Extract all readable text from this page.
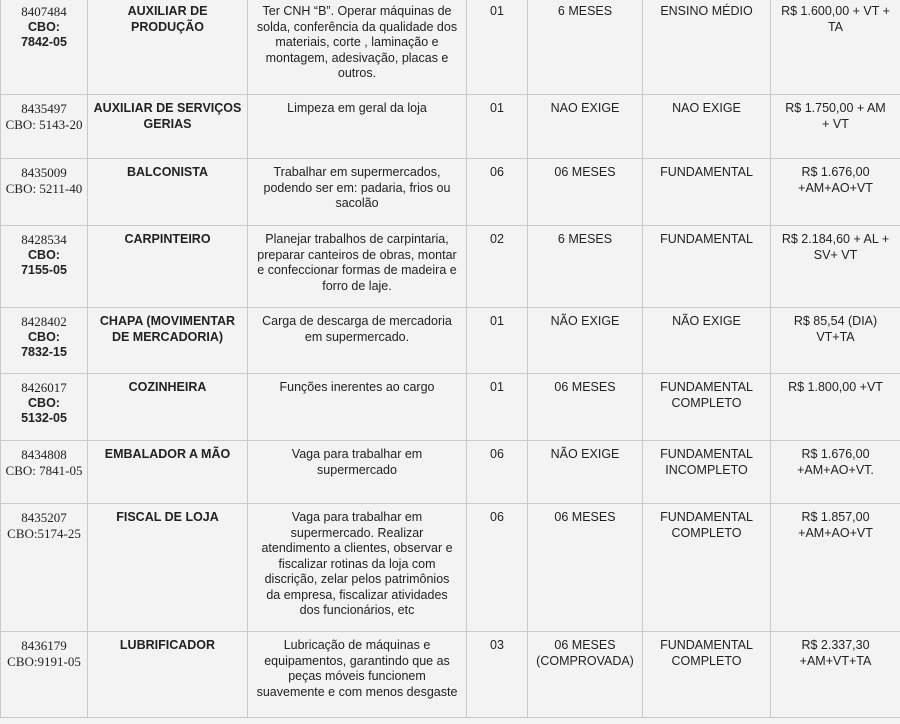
8407484
CBO:
7842-05	AUXILIAR DE PRODUÇÃO	Ter CNH “B”. Operar máquinas de solda, conferência da qualidade dos materiais, corte , laminação e montagem, adesivação, placas e outros.	01	6 MESES	ENSINO MÉDIO	R$ 1.600,00 + VT + TA

8435497
CBO: 5143-20	AUXILIAR DE SERVIÇOS GERIAS	Limpeza em geral da loja	01	NAO EXIGE	NAO EXIGE	R$ 1.750,00 + AM + VT

8435009
CBO: 5211-40	BALCONISTA	Trabalhar em supermercados, podendo ser em: padaria, frios ou sacolão	06	06 MESES	FUNDAMENTAL	R$ 1.676,00 +AM+AO+VT

8428534
CBO:
7155-05	CARPINTEIRO	Planejar trabalhos de carpintaria, preparar canteiros de obras, montar e confeccionar formas de madeira e forro de laje.	02	6 MESES	FUNDAMENTAL	R$ 2.184,60 + AL + SV+ VT

8428402
CBO:
7832-15	CHAPA (MOVIMENTAR DE MERCADORIA)	Carga de descarga de mercadoria em supermercado.	01	NÃO EXIGE	NÃO EXIGE	R$ 85,54 (DIA) VT+TA

8426017
CBO:
5132-05	COZINHEIRA	Funções inerentes ao cargo	01	06 MESES	FUNDAMENTAL COMPLETO	R$ 1.800,00 +VT

8434808
CBO: 7841-05	EMBALADOR A MÃO	Vaga para trabalhar em supermercado	06	NÃO EXIGE	FUNDAMENTAL INCOMPLETO	R$ 1.676,00 +AM+AO+VT.

8435207
CBO:5174-25	FISCAL DE LOJA	Vaga para trabalhar em supermercado. Realizar atendimento a clientes, observar e fiscalizar rotinas da loja com discrição, zelar pelos patrimônios da empresa, fiscalizar atividades dos funcionários, etc	06	06 MESES	FUNDAMENTAL COMPLETO	R$ 1.857,00 +AM+AO+VT

8436179
CBO:9191-05	LUBRIFICADOR	Lubricação de máquinas e equipamentos, garantindo que as peças móveis funcionem suavemente e com menos desgaste	03	06 MESES (COMPROVADA)	FUNDAMENTAL COMPLETO	R$ 2.337,30 +AM+VT+TA
